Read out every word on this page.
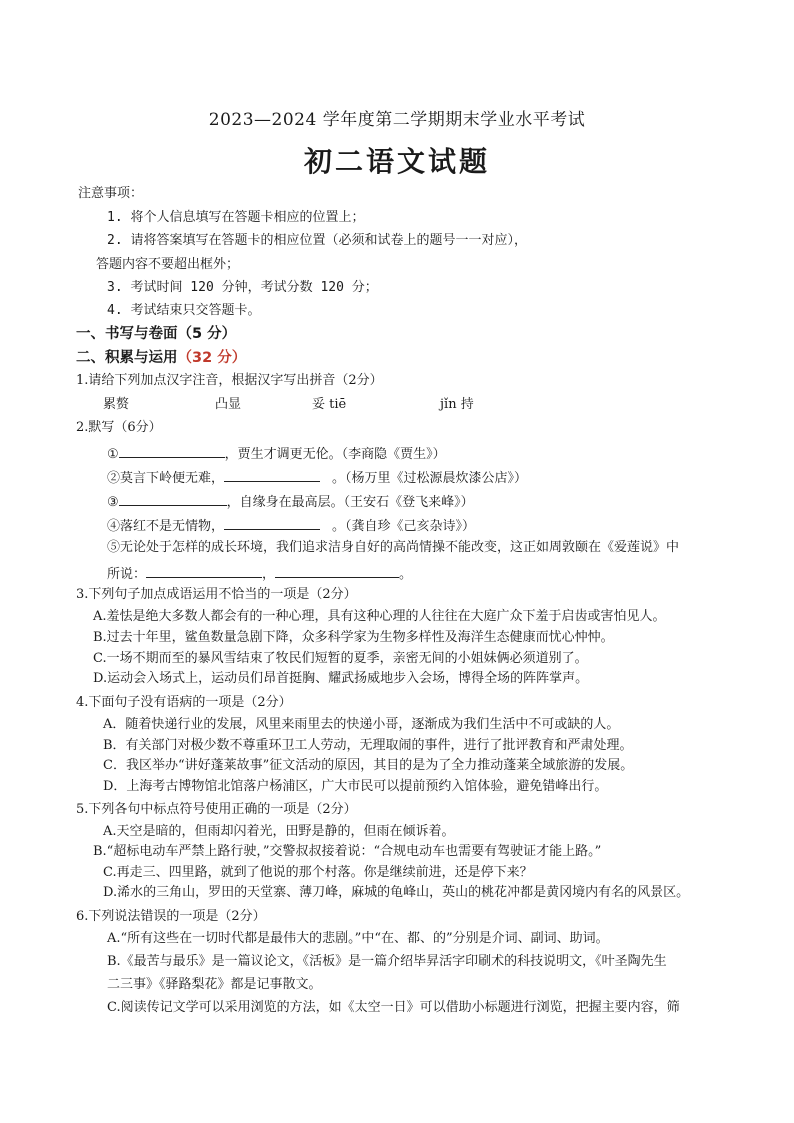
2023—2024 学年度第二学期期末学业水平考试
初二语文试题
注意事项：
1. 将个人信息填写在答题卡相应的位置上；
2. 请将答案填写在答题卡的相应位置（必须和试卷上的题号一一对应），
答题内容不要超出框外；
3. 考试时间 120 分钟，考试分数 120 分；
4. 考试结束只交答题卡。
一、书写与卷面（5 分）
二、积累与运用（32 分）
1.请给下列加点汉字注音，根据汉字写出拼音（2分）
累赘	凸显	妥 tiē	jǐn 持
2.默写（6分）
①	，贾生才调更无伦。（李商隐《贾生》）
②莫言下岭便无难，	。（杨万里《过松源晨炊漆公店》）
③	，自缘身在最高层。（王安石《登飞来峰》）
④落红不是无情物，	。（龚自珍《己亥杂诗》）
⑤无论处于怎样的成长环境，我们追求洁身自好的高尚情操不能改变，这正如周敦颐在《爱莲说》中
所说：	，	。
3.下列句子加点成语运用不恰当的一项是（2分）
A.羞怯是绝大多数人都会有的一种心理，具有这种心理的人往往在大庭广众下羞于启齿或害怕见人。
B.过去十年里，鲨鱼数量急剧下降，众多科学家为生物多样性及海洋生态健康而忧心忡忡。
C.一场不期而至的暴风雪结束了牧民们短暂的夏季，亲密无间的小姐妹俩必须道别了。
D.运动会入场式上，运动员们昂首挺胸、耀武扬威地步入会场，博得全场的阵阵掌声。
4.下面句子没有语病的一项是（2分）
A．随着快递行业的发展，风里来雨里去的快递小哥，逐渐成为我们生活中不可或缺的人。
B．有关部门对极少数不尊重环卫工人劳动，无理取闹的事件，进行了批评教育和严肃处理。
C．我区举办“讲好蓬莱故事”征文活动的原因，其目的是为了全力推动蓬莱全域旅游的发展。
D．上海考古博物馆北馆落户杨浦区，广大市民可以提前预约入馆体验，避免错峰出行。
5.下列各句中标点符号使用正确的一项是（2分）
A.天空是暗的，但雨却闪着光，田野是静的，但雨在倾诉着。
B.“超标电动车严禁上路行驶，”交警叔叔接着说：“合规电动车也需要有驾驶证才能上路。”
C.再走三、四里路，就到了他说的那个村落。你是继续前进，还是停下来？
D.浠水的三角山，罗田的天堂寨、薄刀峰，麻城的龟峰山，英山的桃花冲都是黄冈境内有名的风景区。
6.下列说法错误的一项是（2分）
A.“所有这些在一切时代都是最伟大的悲剧。”中“在、都、的”分别是介词、副词、助词。
B.《最苦与最乐》是一篇议论文，《活板》是一篇介绍毕昇活字印刷术的科技说明文，《叶圣陶先生
二三事》《驿路梨花》都是记事散文。
C.阅读传记文学可以采用浏览的方法，如《太空一日》可以借助小标题进行浏览，把握主要内容，筛
